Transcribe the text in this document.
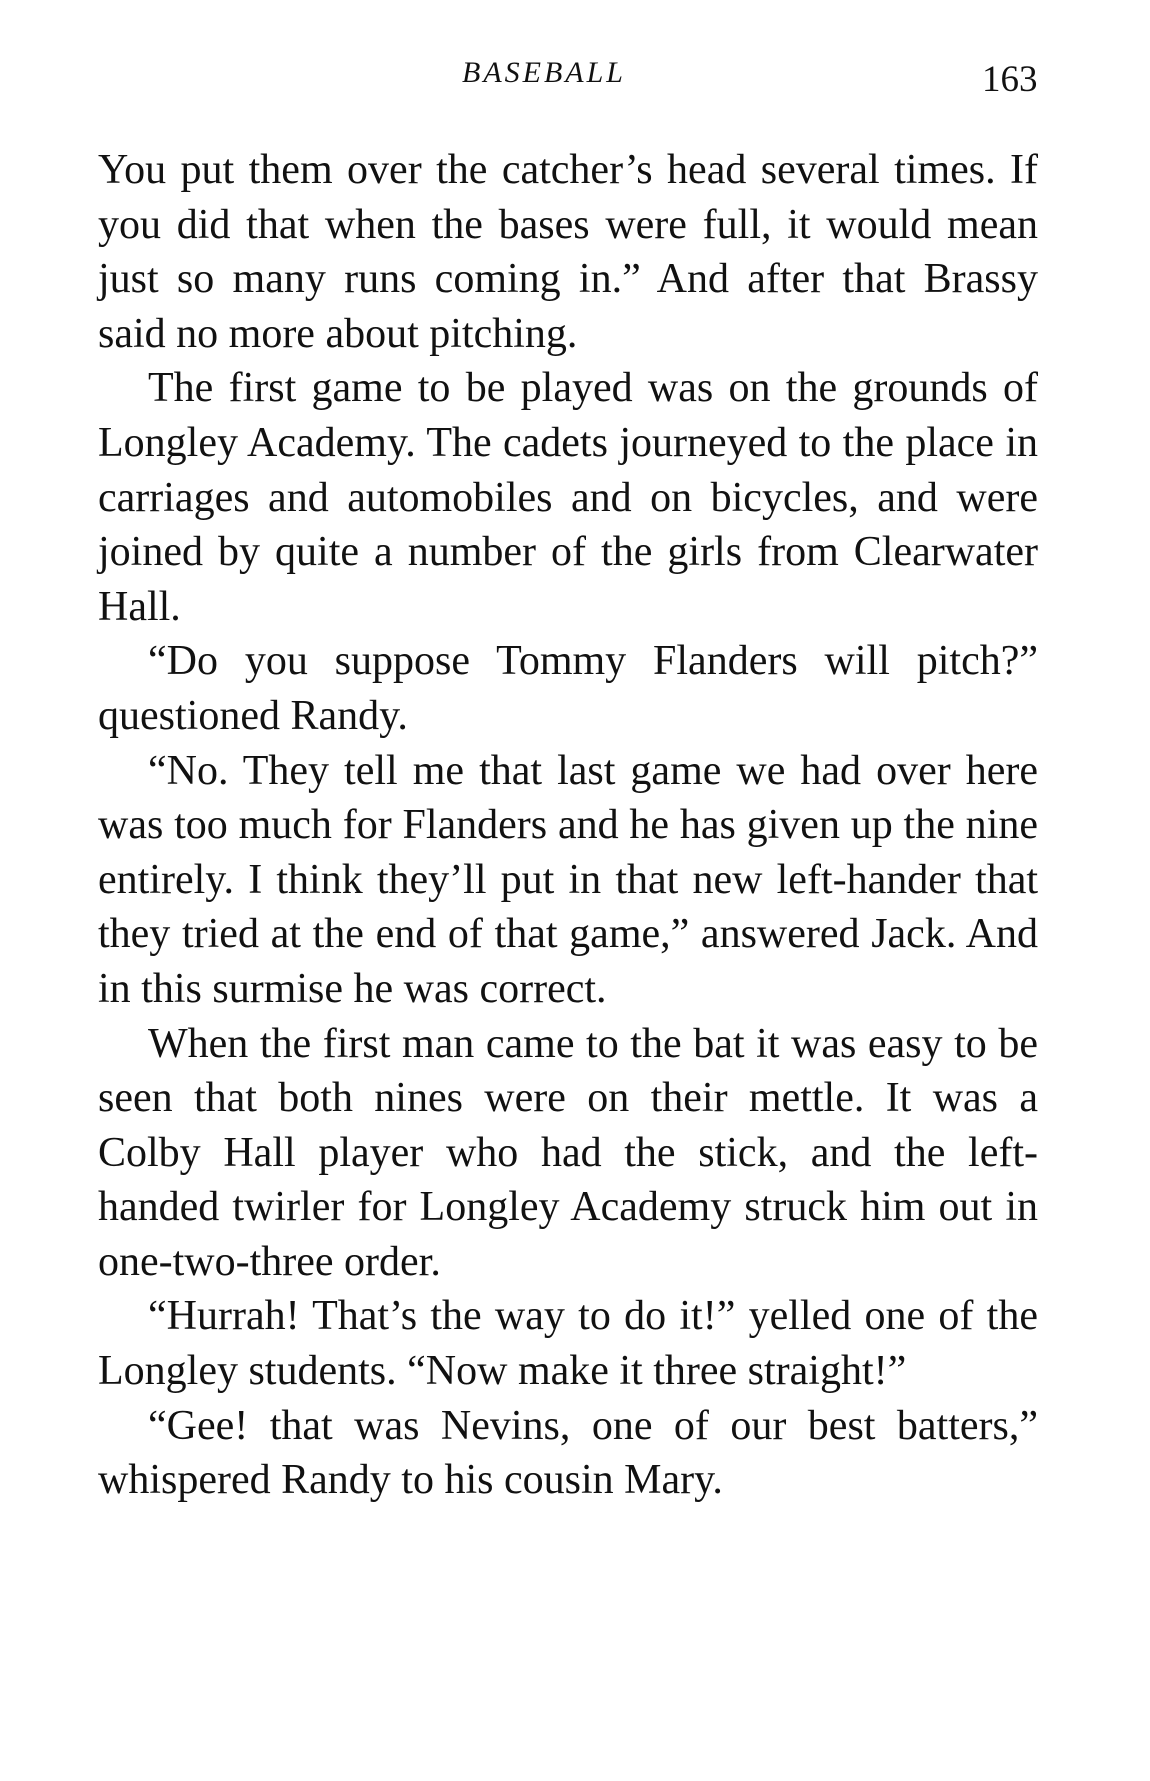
BASEBALL	163

You put them over the catcher’s head several times. If you did that when the bases were full, it would mean just so many runs coming in.” And after that Brassy said no more about pitching.

The first game to be played was on the grounds of Longley Academy. The cadets journeyed to the place in carriages and automobiles and on bicycles, and were joined by quite a number of the girls from Clearwater Hall.

“Do you suppose Tommy Flanders will pitch?” questioned Randy.

“No. They tell me that last game we had over here was too much for Flanders and he has given up the nine entirely. I think they’ll put in that new left-hander that they tried at the end of that game,” answered Jack. And in this surmise he was correct.

When the first man came to the bat it was easy to be seen that both nines were on their mettle. It was a Colby Hall player who had the stick, and the left-handed twirler for Longley Academy struck him out in one-two-three order.

“Hurrah! That’s the way to do it!” yelled one of the Longley students. “Now make it three straight!”

“Gee! that was Nevins, one of our best batters,” whispered Randy to his cousin Mary.
